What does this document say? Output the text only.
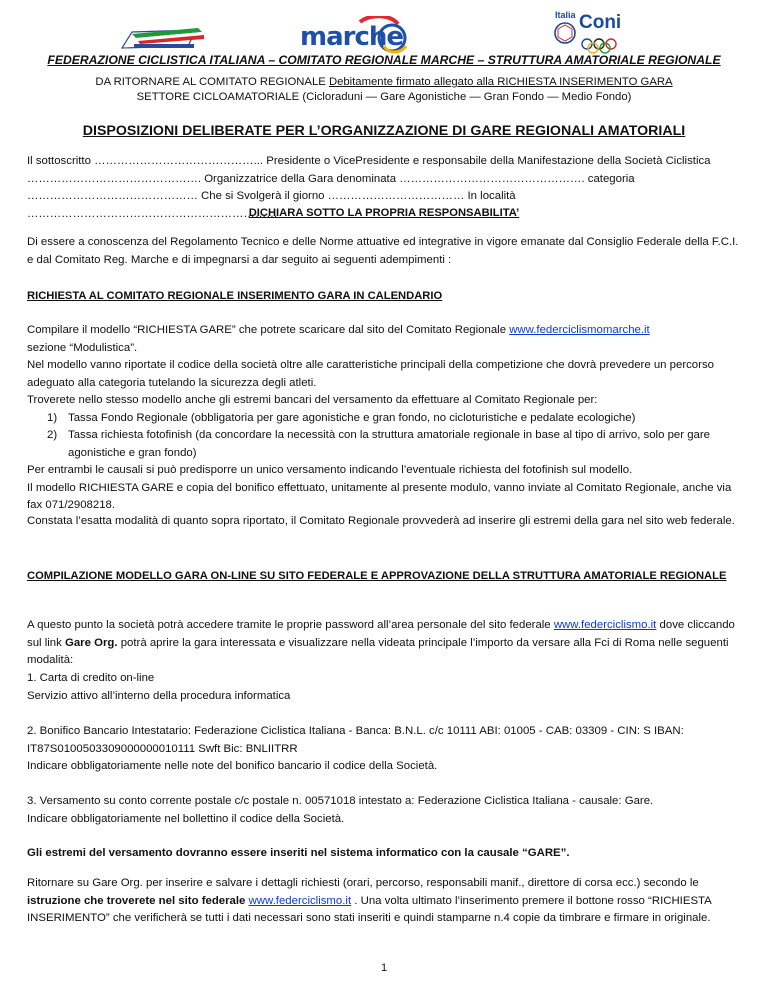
marche
Italia Coni
FEDERAZIONE CICLISTICA ITALIANA – COMITATO REGIONALE MARCHE – STRUTTURA AMATORIALE REGIONALE
DA RITORNARE AL COMITATO REGIONALE Debitamente firmato allegato alla RICHIESTA INSERIMENTO GARA
SETTORE CICLOAMATORIALE (Cicloraduni — Gare Agonistiche — Gran Fondo — Medio Fondo)
DISPOSIZIONI DELIBERATE PER L’ORGANIZZAZIONE DI GARE REGIONALI AMATORIALI
Il sottoscritto ……………………………………... Presidente o VicePresidente e responsabile della Manifestazione della Società Ciclistica ………………………………………. Organizzatrice della Gara denominata …………………………………………. categoria ……………………………………… Che si Svolgerà il giorno ……………………………… In località …………………………………………………………
DICHIARA SOTTO LA PROPRIA RESPONSABILITA’
Di essere a conoscenza del Regolamento Tecnico e delle Norme attuative ed integrative in vigore emanate dal Consiglio Federale della F.C.I. e dal Comitato Reg. Marche e di impegnarsi a dar seguito ai seguenti adempimenti :
RICHIESTA AL COMITATO REGIONALE INSERIMENTO GARA IN CALENDARIO
Compilare il modello “RICHIESTA GARE” che potrete scaricare dal sito del Comitato Regionale www.federciclismomarche.it
sezione “Modulistica”.
Nel modello vanno riportate il codice della società oltre alle caratteristiche principali della competizione che dovrà prevedere un percorso adeguato alla categoria tutelando la sicurezza degli atleti.
Troverete nello stesso modello anche gli estremi bancari del versamento da effettuare al Comitato Regionale per:
1) Tassa Fondo Regionale (obbligatoria per gare agonistiche e gran fondo, no cicloturistiche e pedalate ecologiche)
2) Tassa richiesta fotofinish (da concordare la necessità con la struttura amatoriale regionale in base al tipo di arrivo, solo per gare agonistiche e gran fondo)
Per entrambi le causali si può predisporre un unico versamento indicando l’eventuale richiesta del fotofinish sul modello.
Il modello RICHIESTA GARE e copia del bonifico effettuato, unitamente al presente modulo, vanno inviate al Comitato Regionale, anche via fax 071/2908218.
Constata l’esatta modalità di quanto sopra riportato, il Comitato Regionale provvederà ad inserire gli estremi della gara nel sito web federale.
COMPILAZIONE MODELLO GARA ON-LINE SU SITO FEDERALE E APPROVAZIONE DELLA STRUTTURA AMATORIALE REGIONALE
A questo punto la società potrà accedere tramite le proprie password all’area personale del sito federale www.federciclismo.it dove cliccando sul link Gare Org. potrà aprire la gara interessata e visualizzare nella videata principale l’importo da versare alla Fci di Roma nelle seguenti modalità:
1. Carta di credito on-line
Servizio attivo all’interno della procedura informatica
2. Bonifico Bancario Intestatario: Federazione Ciclistica Italiana - Banca: B.N.L. c/c 10111 ABI: 01005 - CAB: 03309 - CIN: S IBAN: IT87S0100503309000000010111 Swft Bic: BNLIITRR
Indicare obbligatoriamente nelle note del bonifico bancario il codice della Società.
3. Versamento su conto corrente postale c/c postale n. 00571018 intestato a: Federazione Ciclistica Italiana - causale: Gare.
Indicare obbligatoriamente nel bollettino il codice della Società.
Gli estremi del versamento dovranno essere inseriti nel sistema informatico con la causale “GARE”.
Ritornare su Gare Org. per inserire e salvare i dettagli richiesti (orari, percorso, responsabili manif., direttore di corsa ecc.) secondo le istruzione che troverete nel sito federale www.federciclismo.it . Una volta ultimato l’inserimento premere il bottone rosso “RICHIESTA INSERIMENTO” che verificherà se tutti i dati necessari sono stati inseriti e quindi stamparne n.4 copie da timbrare e firmare in originale.
1
